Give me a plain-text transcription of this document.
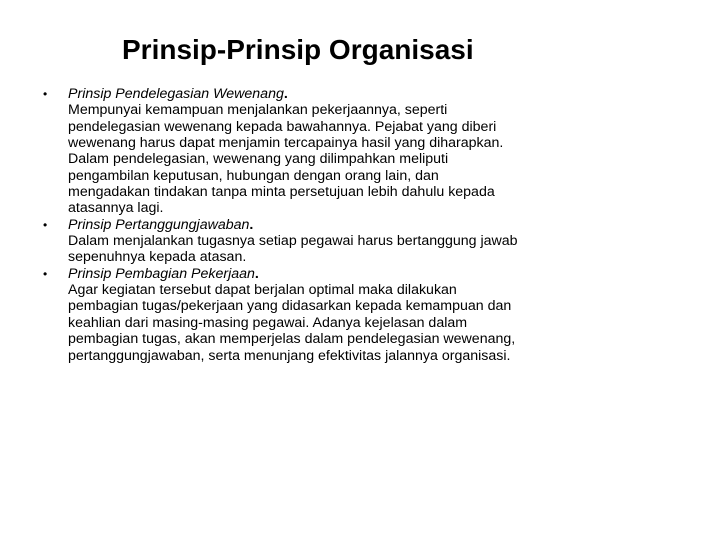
Prinsip-Prinsip Organisasi
• Prinsip Pendelegasian Wewenang.
Mempunyai kemampuan menjalankan pekerjaannya, seperti
pendelegasian wewenang kepada bawahannya. Pejabat yang diberi
wewenang harus dapat menjamin tercapainya hasil yang diharapkan.
Dalam pendelegasian, wewenang yang dilimpahkan meliputi
pengambilan keputusan, hubungan dengan orang lain, dan
mengadakan tindakan tanpa minta persetujuan lebih dahulu kepada
atasannya lagi.
• Prinsip Pertanggungjawaban.
Dalam menjalankan tugasnya setiap pegawai harus bertanggung jawab
sepenuhnya kepada atasan.
• Prinsip Pembagian Pekerjaan.
Agar kegiatan tersebut dapat berjalan optimal maka dilakukan
pembagian tugas/pekerjaan yang didasarkan kepada kemampuan dan
keahlian dari masing-masing pegawai. Adanya kejelasan dalam
pembagian tugas, akan memperjelas dalam pendelegasian wewenang,
pertanggungjawaban, serta menunjang efektivitas jalannya organisasi.
